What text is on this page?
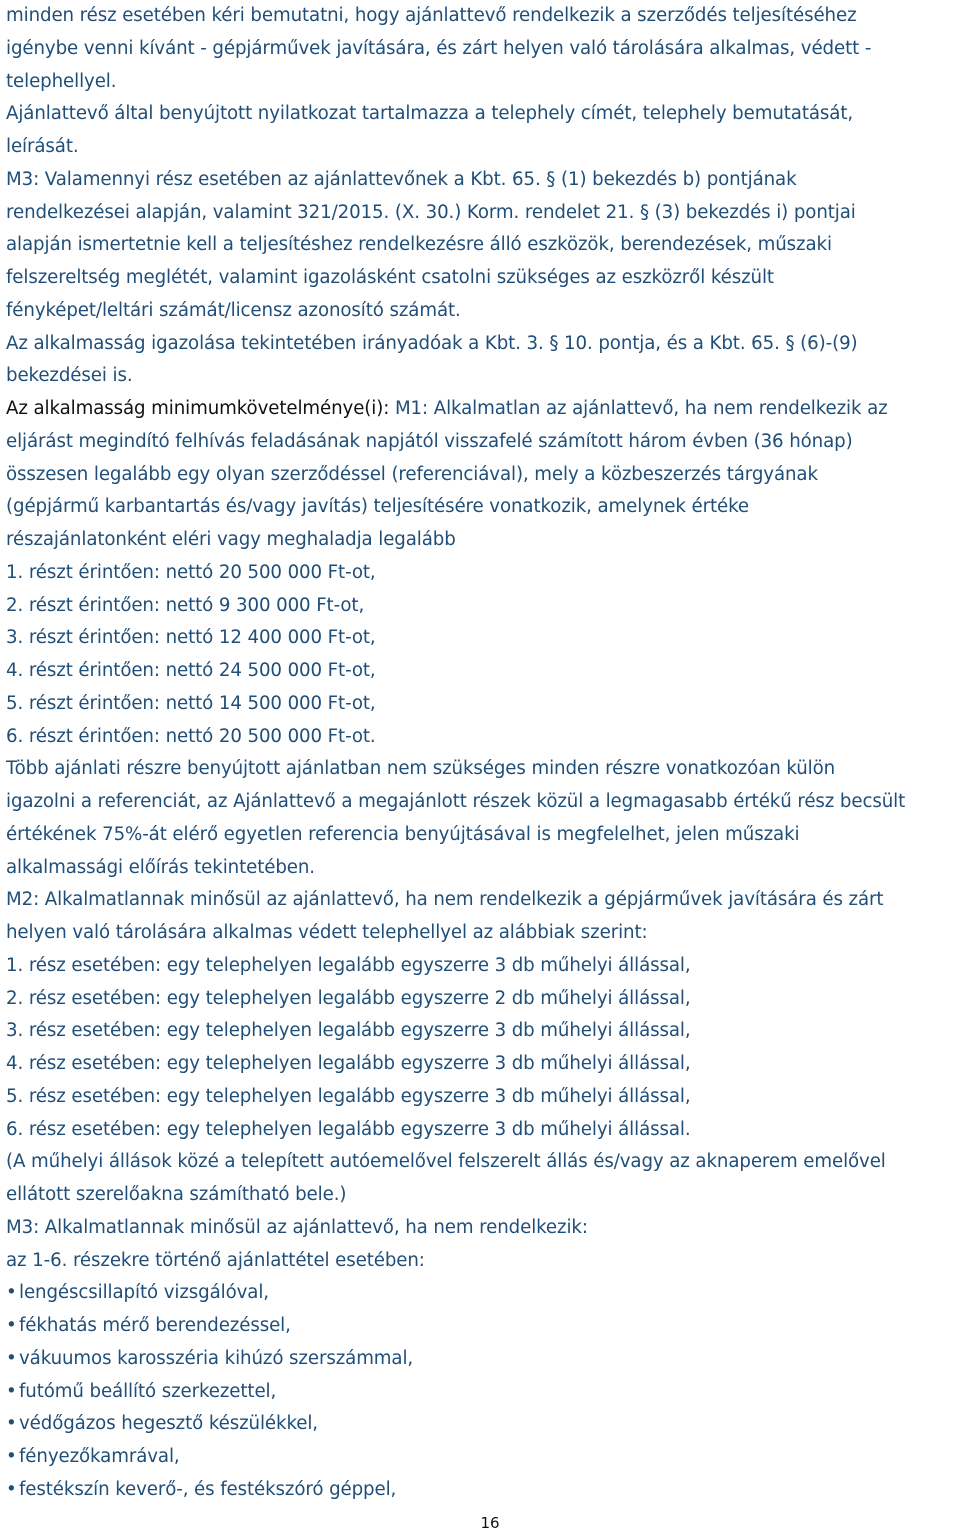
minden rész esetében kéri bemutatni, hogy ajánlattevő rendelkezik a szerződés teljesítéséhez
igénybe venni kívánt - gépjárművek javítására, és zárt helyen való tárolására alkalmas, védett -
telephellyel.
Ajánlattevő által benyújtott nyilatkozat tartalmazza a telephely címét, telephely bemutatását,
leírását.
M3: Valamennyi rész esetében az ajánlattevőnek a Kbt. 65. § (1) bekezdés b) pontjának
rendelkezései alapján, valamint 321/2015. (X. 30.) Korm. rendelet 21. § (3) bekezdés i) pontjai
alapján ismertetnie kell a teljesítéshez rendelkezésre álló eszközök, berendezések, műszaki
felszereltség meglétét, valamint igazolásként csatolni szükséges az eszközről készült
fényképet/leltári számát/licensz azonosító számát.
Az alkalmasság igazolása tekintetében irányadóak a Kbt. 3. § 10. pontja, és a Kbt. 65. § (6)-(9)
bekezdései is.
Az alkalmasság minimumkövetelménye(i): M1: Alkalmatlan az ajánlattevő, ha nem rendelkezik az
eljárást megindító felhívás feladásának napjától visszafelé számított három évben (36 hónap)
összesen legalább egy olyan szerződéssel (referenciával), mely a közbeszerzés tárgyának
(gépjármű karbantartás és/vagy javítás) teljesítésére vonatkozik, amelynek értéke
részajánlatonként eléri vagy meghaladja legalább
1. részt érintően: nettó 20 500 000 Ft-ot,
2. részt érintően: nettó 9 300 000 Ft-ot,
3. részt érintően: nettó 12 400 000 Ft-ot,
4. részt érintően: nettó 24 500 000 Ft-ot,
5. részt érintően: nettó 14 500 000 Ft-ot,
6. részt érintően: nettó 20 500 000 Ft-ot.
Több ajánlati részre benyújtott ajánlatban nem szükséges minden részre vonatkozóan külön
igazolni a referenciát, az Ajánlattevő a megajánlott részek közül a legmagasabb értékű rész becsült
értékének 75%-át elérő egyetlen referencia benyújtásával is megfelelhet, jelen műszaki
alkalmassági előírás tekintetében.
M2: Alkalmatlannak minősül az ajánlattevő, ha nem rendelkezik a gépjárművek javítására és zárt
helyen való tárolására alkalmas védett telephellyel az alábbiak szerint:
1. rész esetében: egy telephelyen legalább egyszerre 3 db műhelyi állással,
2. rész esetében: egy telephelyen legalább egyszerre 2 db műhelyi állással,
3. rész esetében: egy telephelyen legalább egyszerre 3 db műhelyi állással,
4. rész esetében: egy telephelyen legalább egyszerre 3 db műhelyi állással,
5. rész esetében: egy telephelyen legalább egyszerre 3 db műhelyi állással,
6. rész esetében: egy telephelyen legalább egyszerre 3 db műhelyi állással.
(A műhelyi állások közé a telepített autóemelővel felszerelt állás és/vagy az aknaperem emelővel
ellátott szerelőakna számítható bele.)
M3: Alkalmatlannak minősül az ajánlattevő, ha nem rendelkezik:
az 1-6. részekre történő ajánlattétel esetében:
• lengéscsillapító vizsgálóval,
• fékhatás mérő berendezéssel,
• vákuumos karosszéria kihúzó szerszámmal,
• futómű beállító szerkezettel,
• védőgázos hegesztő készülékkel,
• fényezőkamrával,
• festékszín keverő-, és festékszóró géppel,
16
